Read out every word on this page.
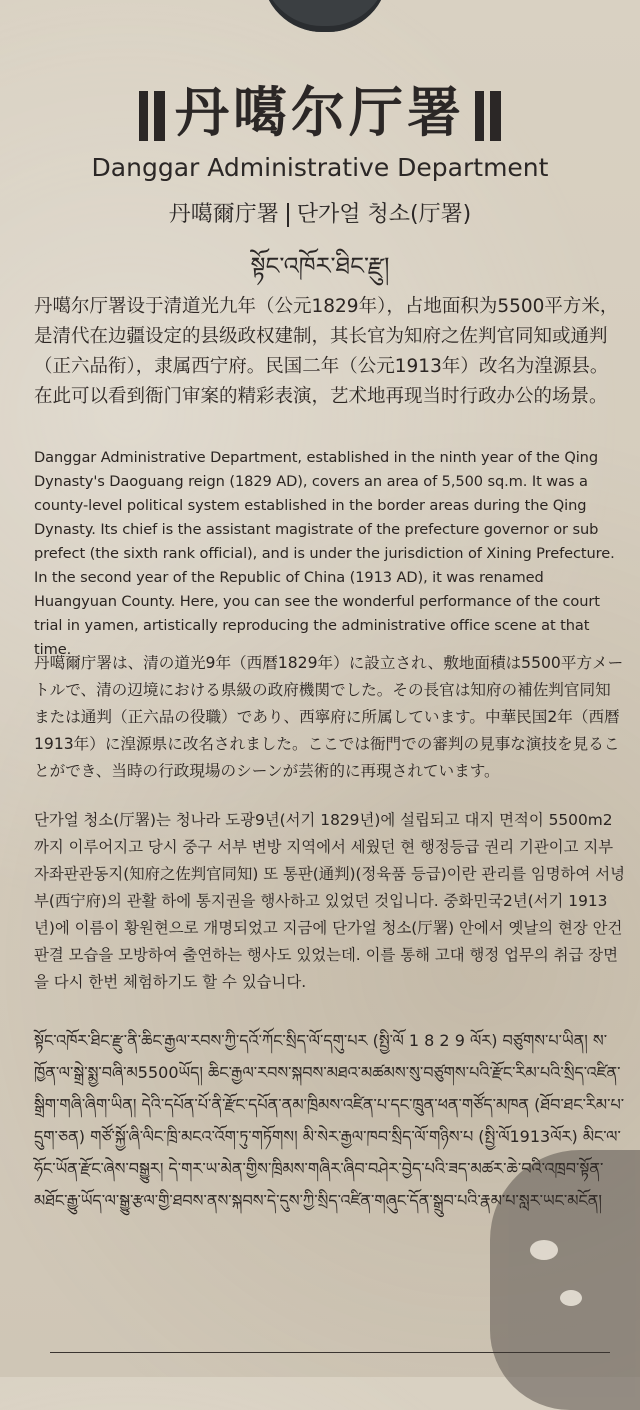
丹噶尔厅署
Danggar Administrative Department
丹噶爾庁署 단가얼 청소(厅署)
སྟོང་འཁོར་ཐིང་རྫུ།
丹噶尔厅署设于清道光九年（公元1829年），占地面积为5500平方米，是清代在边疆设定的县级政权建制，其长官为知府之佐判官同知或通判（正六品衔），隶属西宁府。民国二年（公元1913年）改名为湟源县。在此可以看到衙门审案的精彩表演，艺术地再现当时行政办公的场景。
Danggar Administrative Department, established in the ninth year of the Qing Dynasty's Daoguang reign (1829 AD), covers an area of 5,500 sq.m. It was a county-level political system established in the border areas during the Qing Dynasty. Its chief is the assistant magistrate of the prefecture governor or sub prefect (the sixth rank official), and is under the jurisdiction of Xining Prefecture. In the second year of the Republic of China (1913 AD), it was renamed Huangyuan County. Here, you can see the wonderful performance of the court trial in yamen, artistically reproducing the administrative office scene at that time.
丹噶爾庁署は、清の道光9年（西暦1829年）に設立され、敷地面積は5500平方メートルで、清の辺境における県級の政府機関でした。その長官は知府の補佐判官同知または通判（正六品の役職）であり、西寧府に所属しています。中華民国2年（西暦1913年）に湟源県に改名されました。ここでは衙門での審判の見事な演技を見ることができ、当時の行政現場のシーンが芸術的に再現されています。
단가얼 청소(厅署)는 청나라 도광9년(서기 1829년)에 설립되고 대지 면적이 5500m2까지 이루어지고 당시 중구 서부 변방 지역에서 세웠던 현 행정등급 권리 기관이고 지부자좌판관동지(知府之佐判官同知) 또 통판(通判)(정육품 등급)이란 관리를 임명하여 서녕부(西宁府)의 관활 하에 통지권을 행사하고 있었던 것입니다. 중화민국2년(서기 1913년)에 이름이 황원현으로 개명되었고 지금에 단가얼 청소(厅署) 안에서 옛날의 현장 안건 판결 모습을 모방하여 출연하는 행사도 있었는데. 이를 통해 고대 행정 업무의 취급 장면을 다시 한번 체험하기도 할 수 있습니다.
སྟོང་འཁོར་ཐིང་རྫུ་ནི་ཆིང་རྒྱལ་རབས་ཀྱི་དའོ་ཀོང་སྲིད་ལོ་དགུ་པར (སྤྱི་ལོ 1 8 2 9 ལོར) བཙུགས་པ་ཡིན། ས་ཁྱོན་ལ་སྒྲེ་སྨྱ་བཞི་མ5500ཡོད། ཆིང་རྒྱལ་རབས་སྐབས་མཐའ་མཚམས་སུ་བཙུགས་པའི་རྫོང་རིམ་པའི་སྲིད་འཛིན་སྒྲིག་གཞི་ཞིག་ཡིན། དེའི་དཔོན་པོ་ནི་རྫོང་དཔོན་ནམ་ཁྲིམས་འཛིན་པ་དང་ཁྲུན་ཕན་གཙོད་མཁན (ཐོབ་ཐང་རིམ་པ་དྲུག་ཅན) གཙོ་སྐྱོ་ཞི་ལིང་ཁྲི་མངའ་འོག་ཏུ་གཏོགས། མི་སེར་རྒྱལ་ཁབ་སྲིད་ལོ་གཉིས་པ (སྤྱི་ལོ1913ལོར) མིང་ལ་ཧོང་ཡོན་རྫོང་ཞེས་བསྒྱུར། དེ་གར་ཡ་མེན་གྱིས་ཁྲིམས་གཞིར་ཞིབ་བཤེར་བྱེད་པའི་ཟད་མཚར་ཆེ་བའི་འཁྲབ་སྟོན་མཐོང་རྒྱུ་ཡོད་ལ་སྒྱུ་རྩལ་གྱི་ཐབས་ནས་སྐབས་དེ་དུས་ཀྱི་སྲིད་འཛིན་གཞུང་དོན་སྒྲུབ་པའི་རྣམ་པ་སླར་ཡང་མངོན།
